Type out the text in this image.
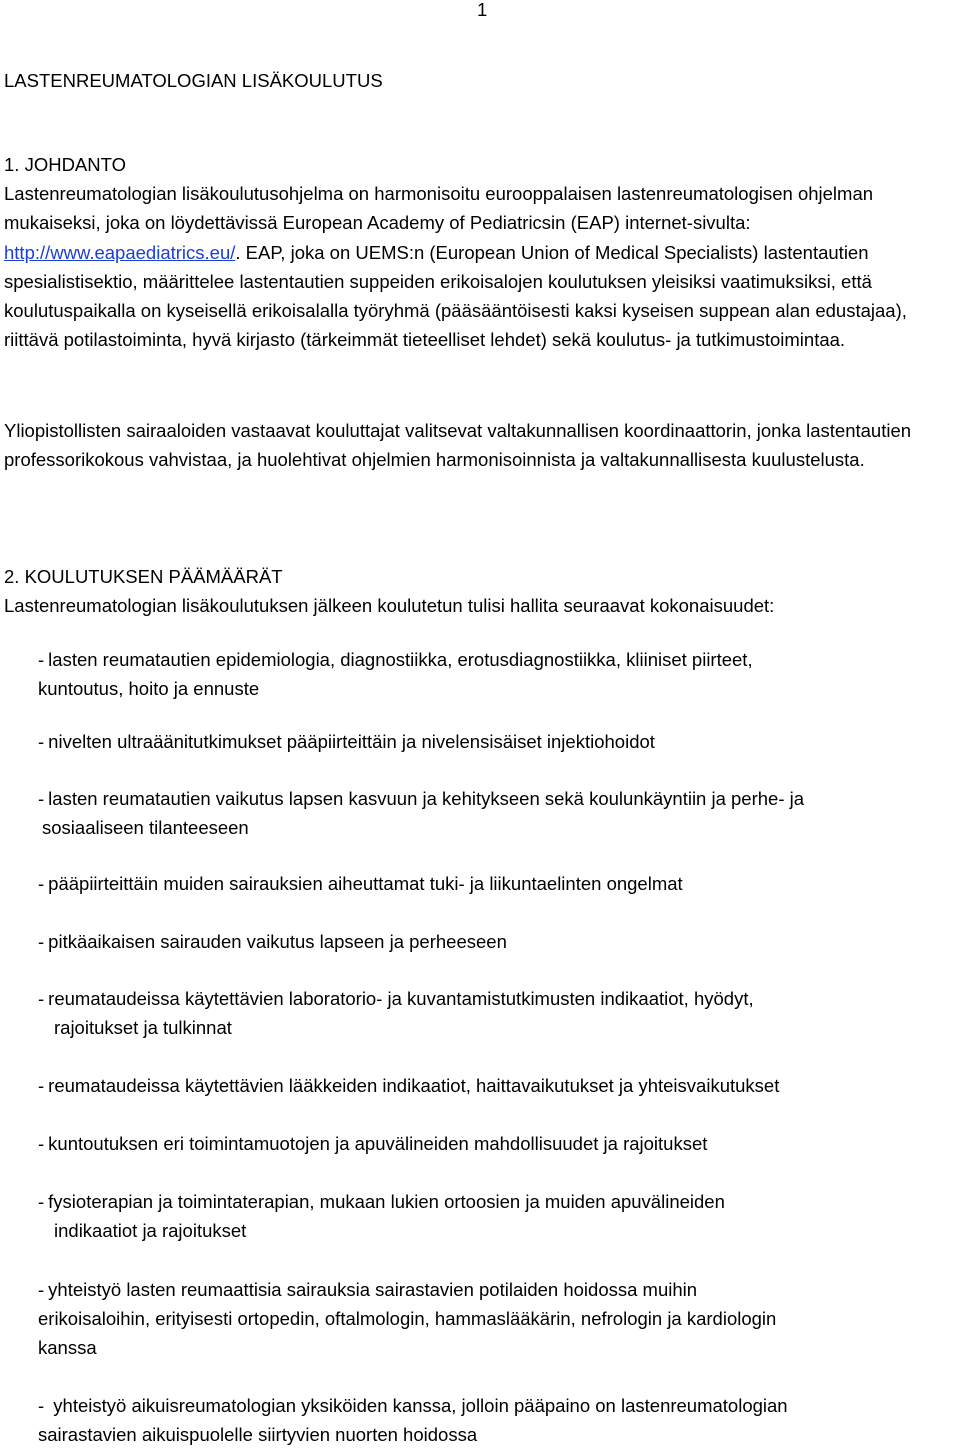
1
LASTENREUMATOLOGIAN LISÄKOULUTUS

1. JOHDANTO

Lastenreumatologian lisäkoulutusohjelma on harmonisoitu eurooppalaisen lastenreumatologisen ohjelman mukaiseksi, joka on löydettävissä European Academy of Pediatricsin (EAP) internet-sivulta: http://www.eapaediatrics.eu/. EAP, joka on UEMS:n (European Union of Medical Specialists) lastentautien spesialistisektio, määrittelee lastentautien suppeiden erikoisalojen koulutuksen yleisiksi vaatimuksiksi, että koulutuspaikalla on kyseisellä erikoisalalla työryhmä (pääsääntöisesti kaksi kyseisen suppean alan edustajaa), riittävä potilastoiminta, hyvä kirjasto (tärkeimmät tieteelliset lehdet) sekä koulutus- ja tutkimustoimintaa.

Yliopistollisten sairaaloiden vastaavat kouluttajat valitsevat valtakunnallisen koordinaattorin, jonka lastentautien professorikokous vahvistaa, ja huolehtivat ohjelmien harmonisoinnista ja valtakunnallisesta kuulustelusta.

2. KOULUTUKSEN PÄÄMÄÄRÄT

Lastenreumatologian lisäkoulutuksen jälkeen koulutetun tulisi hallita seuraavat kokonaisuudet:

- lasten reumatautien epidemiologia, diagnostiikka, erotusdiagnostiikka, kliiniset piirteet,
kuntoutus, hoito ja ennuste
- nivelten ultraäänitutkimukset pääpiirteittäin ja nivelensisäiset injektiohoidot
- lasten reumatautien vaikutus lapsen kasvuun ja kehitykseen sekä koulunkäyntiin ja perhe- ja
sosiaaliseen tilanteeseen
- pääpiirteittäin muiden sairauksien aiheuttamat tuki- ja liikuntaelinten ongelmat
- pitkäaikaisen sairauden vaikutus lapseen ja perheeseen
- reumataudeissa käytettävien laboratorio- ja kuvantamistutkimusten indikaatiot, hyödyt,
rajoitukset ja tulkinnat
- reumataudeissa käytettävien lääkkeiden indikaatiot, haittavaikutukset ja yhteisvaikutukset
- kuntoutuksen eri toimintamuotojen ja apuvälineiden mahdollisuudet ja rajoitukset
- fysioterapian ja toimintaterapian, mukaan lukien ortoosien ja muiden apuvälineiden
indikaatiot ja rajoitukset
- yhteistyö lasten reumaattisia sairauksia sairastavien potilaiden hoidossa muihin
erikoisaloihin, erityisesti ortopedin, oftalmologin, hammaslääkärin, nefrologin ja kardiologin
kanssa
- yhteistyö aikuisreumatologian yksiköiden kanssa, jolloin pääpaino on lastenreumatologian
sairastavien aikuispuolelle siirtyvien nuorten hoidossa
